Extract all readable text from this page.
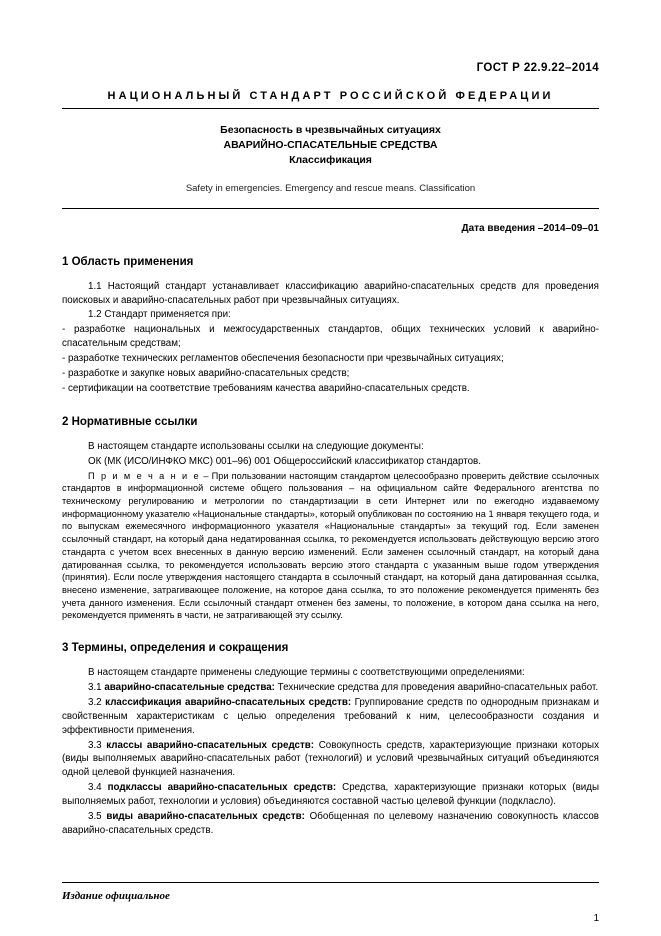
ГОСТ Р 22.9.22–2014
НАЦИОНАЛЬНЫЙ СТАНДАРТ РОССИЙСКОЙ ФЕДЕРАЦИИ
Безопасность в чрезвычайных ситуациях
АВАРИЙНО-СПАСАТЕЛЬНЫЕ СРЕДСТВА
Классификация
Safety in emergencies. Emergency and rescue means. Classification
Дата введения –2014–09–01
1 Область применения

1.1 Настоящий стандарт устанавливает классификацию аварийно-спасательных средств для проведения поисковых и аварийно-спасательных работ при чрезвычайных ситуациях.

1.2 Стандарт применяется при:

- разработке национальных и межгосударственных стандартов, общих технических условий к аварийно-спасательным средствам;

- разработке технических регламентов обеспечения безопасности при чрезвычайных ситуациях;

- разработке и закупке новых аварийно-спасательных средств;

- сертификации на соответствие требованиям качества аварийно-спасательных средств.

2 Нормативные ссылки

В настоящем стандарте использованы ссылки на следующие документы:

ОК (МК (ИСО/ИНФКО МКС) 001–96) 001 Общероссийский классификатор стандартов.

П р и м е ч а н и е – При пользовании настоящим стандартом целесообразно проверить действие ссылочных стандартов в информационной системе общего пользования – на официальном сайте Федерального агентства по техническому регулированию и метрологии по стандартизации в сети Интернет или по ежегодно издаваемому информационному указателю «Национальные стандарты», который опубликован по состоянию на 1 января текущего года, и по выпускам ежемесячного информационного указателя «Национальные стандарты» за текущий год. Если заменен ссылочный стандарт, на который дана недатированная ссылка, то рекомендуется использовать действующую версию этого стандарта с учетом всех внесенных в данную версию изменений. Если заменен ссылочный стандарт, на который дана датированная ссылка, то рекомендуется использовать версию этого стандарта с указанным выше годом утверждения (принятия). Если после утверждения настоящего стандарта в ссылочный стандарт, на который дана датированная ссылка, внесено изменение, затрагивающее положение, на которое дана ссылка, то это положение рекомендуется применять без учета данного изменения. Если ссылочный стандарт отменен без замены, то положение, в котором дана ссылка на него, рекомендуется применять в части, не затрагивающей эту ссылку.

3 Термины, определения и сокращения

В настоящем стандарте применены следующие термины с соответствующими определениями:

3.1 аварийно-спасательные средства: Технические средства для проведения аварийно-спасательных работ.

3.2 классификация аварийно-спасательных средств: Группирование средств по однородным признакам и свойственным характеристикам с целью определения требований к ним, целесообразности создания и эффективности применения.

3.3 классы аварийно-спасательных средств: Совокупность средств, характеризующие признаки которых (виды выполняемых аварийно-спасательных работ (технологий) и условий чрезвычайных ситуаций объединяются одной целевой функцией назначения.

3.4 подклассы аварийно-спасательных средств: Средства, характеризующие признаки которых (виды выполняемых работ, технологии и условия) объединяются составной частью целевой функции (подкласло).

3.5 виды аварийно-спасательных средств: Обобщенная по целевому назначению совокупность классов аварийно-спасательных средств.

Издание официальное
1
